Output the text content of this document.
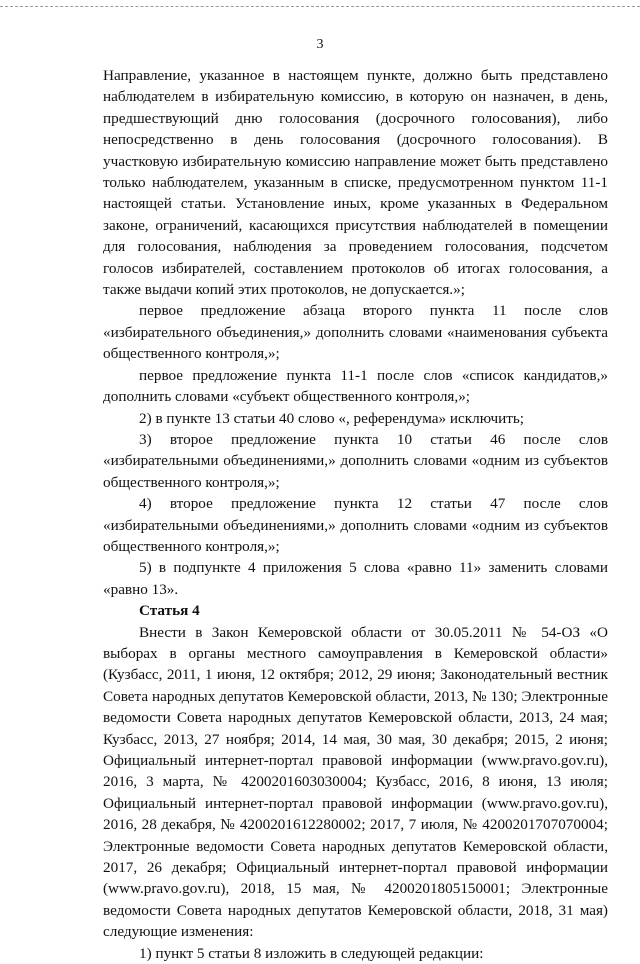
3

Направление, указанное в настоящем пункте, должно быть представлено наблюдателем в избирательную комиссию, в которую он назначен, в день, предшествующий дню голосования (досрочного голосования), либо непосредственно в день голосования (досрочного голосования). В участковую избирательную комиссию направление может быть представлено только наблюдателем, указанным в списке, предусмотренном пунктом 11-1 настоящей статьи. Установление иных, кроме указанных в Федеральном законе, ограничений, касающихся присутствия наблюдателей в помещении для голосования, наблюдения за проведением голосования, подсчетом голосов избирателей, составлением протоколов об итогах голосования, а также выдачи копий этих протоколов, не допускается.»;

первое предложение абзаца второго пункта 11 после слов «избирательного объединения,» дополнить словами «наименования субъекта общественного контроля,»;

первое предложение пункта 11-1 после слов «список кандидатов,» дополнить словами «субъект общественного контроля,»;

2) в пункте 13 статьи 40 слово «, референдума» исключить;

3) второе предложение пункта 10 статьи 46 после слов «избирательными объединениями,» дополнить словами «одним из субъектов общественного контроля,»;

4) второе предложение пункта 12 статьи 47 после слов «избирательными объединениями,» дополнить словами «одним из субъектов общественного контроля,»;

5) в подпункте 4 приложения 5 слова «равно 11» заменить словами «равно 13».

Статья 4

Внести в Закон Кемеровской области от 30.05.2011 № 54-ОЗ «О выборах в органы местного самоуправления в Кемеровской области» (Кузбасс, 2011, 1 июня, 12 октября; 2012, 29 июня; Законодательный вестник Совета народных депутатов Кемеровской области, 2013, № 130; Электронные ведомости Совета народных депутатов Кемеровской области, 2013, 24 мая; Кузбасс, 2013, 27 ноября; 2014, 14 мая, 30 мая, 30 декабря; 2015, 2 июня; Официальный интернет-портал правовой информации (www.pravo.gov.ru), 2016, 3 марта, № 4200201603030004; Кузбасс, 2016, 8 июня, 13 июля; Официальный интернет-портал правовой информации (www.pravo.gov.ru), 2016, 28 декабря, № 4200201612280002; 2017, 7 июля, № 4200201707070004; Электронные ведомости Совета народных депутатов Кемеровской области, 2017, 26 декабря; Официальный интернет-портал правовой информации (www.pravo.gov.ru), 2018, 15 мая, № 4200201805150001; Электронные ведомости Совета народных депутатов Кемеровской области, 2018, 31 мая) следующие изменения:

1) пункт 5 статьи 8 изложить в следующей редакции:
